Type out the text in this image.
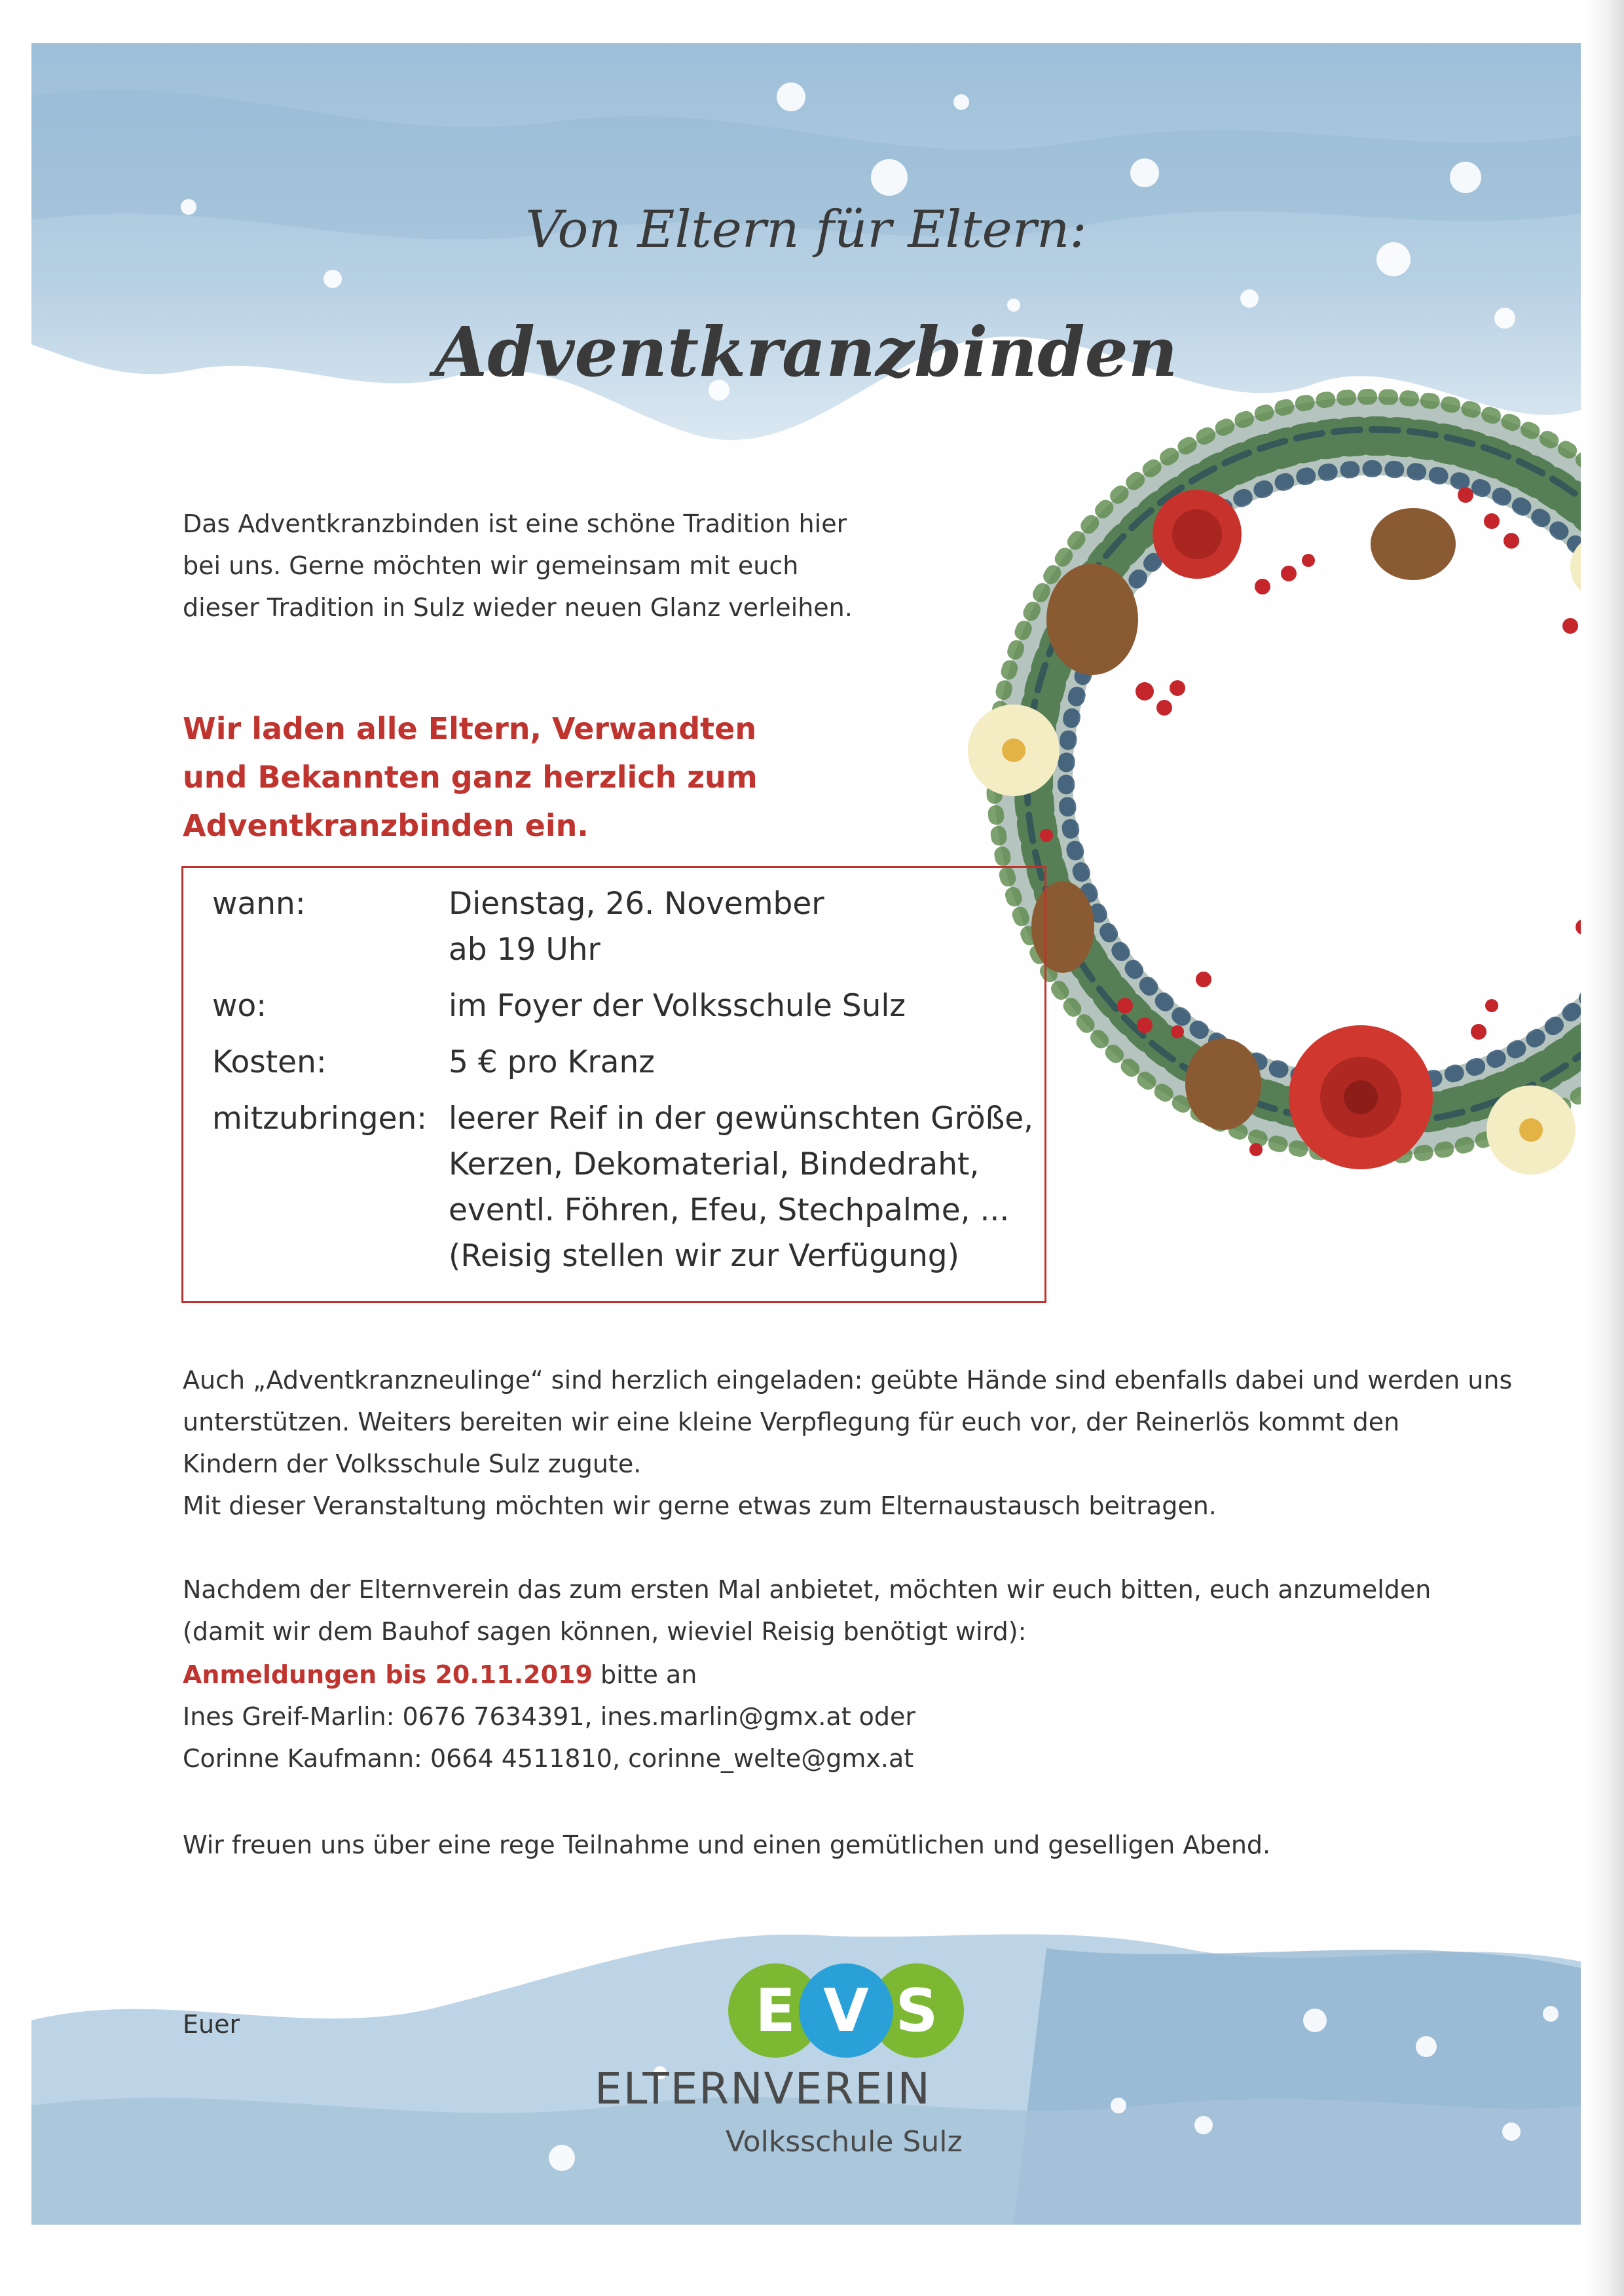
Von Eltern für Eltern:
Adventkranzbinden
Das Adventkranzbinden ist eine schöne Tradition hier
bei uns. Gerne möchten wir gemeinsam mit euch
dieser Tradition in Sulz wieder neuen Glanz verleihen.
Wir laden alle Eltern, Verwandten
und Bekannten ganz herzlich zum
Adventkranzbinden ein.
wann:	Dienstag, 26. November
ab 19 Uhr
wo:	im Foyer der Volksschule Sulz
Kosten:	5 € pro Kranz
mitzubringen: leerer Reif in der gewünschten Größe,
Kerzen, Dekomaterial, Bindedraht,
eventl. Föhren, Efeu, Stechpalme, ...
(Reisig stellen wir zur Verfügung)
Auch „Adventkranzneulinge“ sind herzlich eingeladen: geübte Hände sind ebenfalls dabei und werden uns
unterstützen. Weiters bereiten wir eine kleine Verpflegung für euch vor, der Reinerlös kommt den
Kindern der Volksschule Sulz zugute.
Mit dieser Veranstaltung möchten wir gerne etwas zum Elternaustausch beitragen.
Nachdem der Elternverein das zum ersten Mal anbietet, möchten wir euch bitten, euch anzumelden
(damit wir dem Bauhof sagen können, wieviel Reisig benötigt wird):
Anmeldungen bis 20.11.2019 bitte an
Ines Greif-Marlin: 0676 7634391, ines.marlin@gmx.at oder
Corinne Kaufmann: 0664 4511810, corinne_welte@gmx.at
Wir freuen uns über eine rege Teilnahme und einen gemütlichen und geselligen Abend.
Euer	E V S
ELTERNVEREIN
Volksschule Sulz
